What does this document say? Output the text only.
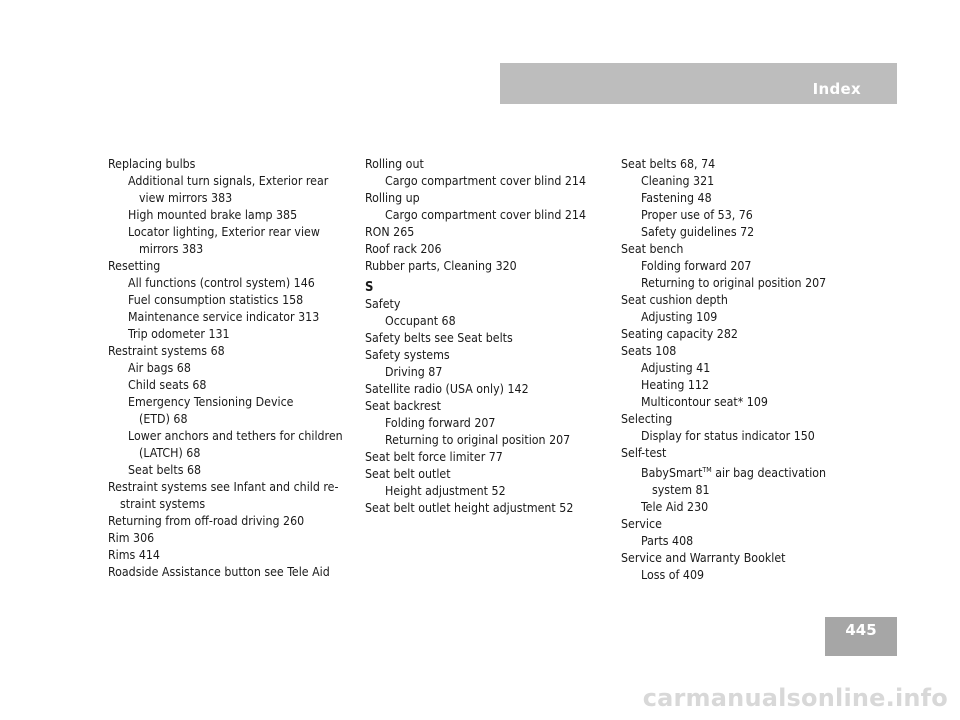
Index
Replacing bulbs
Additional turn signals, Exterior rear
view mirrors 383
High mounted brake lamp 385
Locator lighting, Exterior rear view
mirrors 383
Resetting
All functions (control system) 146
Fuel consumption statistics 158
Maintenance service indicator 313
Trip odometer 131
Restraint systems 68
Air bags 68
Child seats 68
Emergency Tensioning Device
(ETD) 68
Lower anchors and tethers for children
(LATCH) 68
Seat belts 68
Restraint systems see Infant and child re-
straint systems
Returning from off-road driving 260
Rim 306
Rims 414
Roadside Assistance button see Tele Aid
Rolling out
Cargo compartment cover blind 214
Rolling up
Cargo compartment cover blind 214
RON 265
Roof rack 206
Rubber parts, Cleaning 320
S
Safety
Occupant 68
Safety belts see Seat belts
Safety systems
Driving 87
Satellite radio (USA only) 142
Seat backrest
Folding forward 207
Returning to original position 207
Seat belt force limiter 77
Seat belt outlet
Height adjustment 52
Seat belt outlet height adjustment 52
Seat belts 68, 74
Cleaning 321
Fastening 48
Proper use of 53, 76
Safety guidelines 72
Seat bench
Folding forward 207
Returning to original position 207
Seat cushion depth
Adjusting 109
Seating capacity 282
Seats 108
Adjusting 41
Heating 112
Multicontour seat* 109
Selecting
Display for status indicator 150
Self-test
BabySmart™ air bag deactivation
system 81
Tele Aid 230
Service
Parts 408
Service and Warranty Booklet
Loss of 409
445
carmanualsonline.info
